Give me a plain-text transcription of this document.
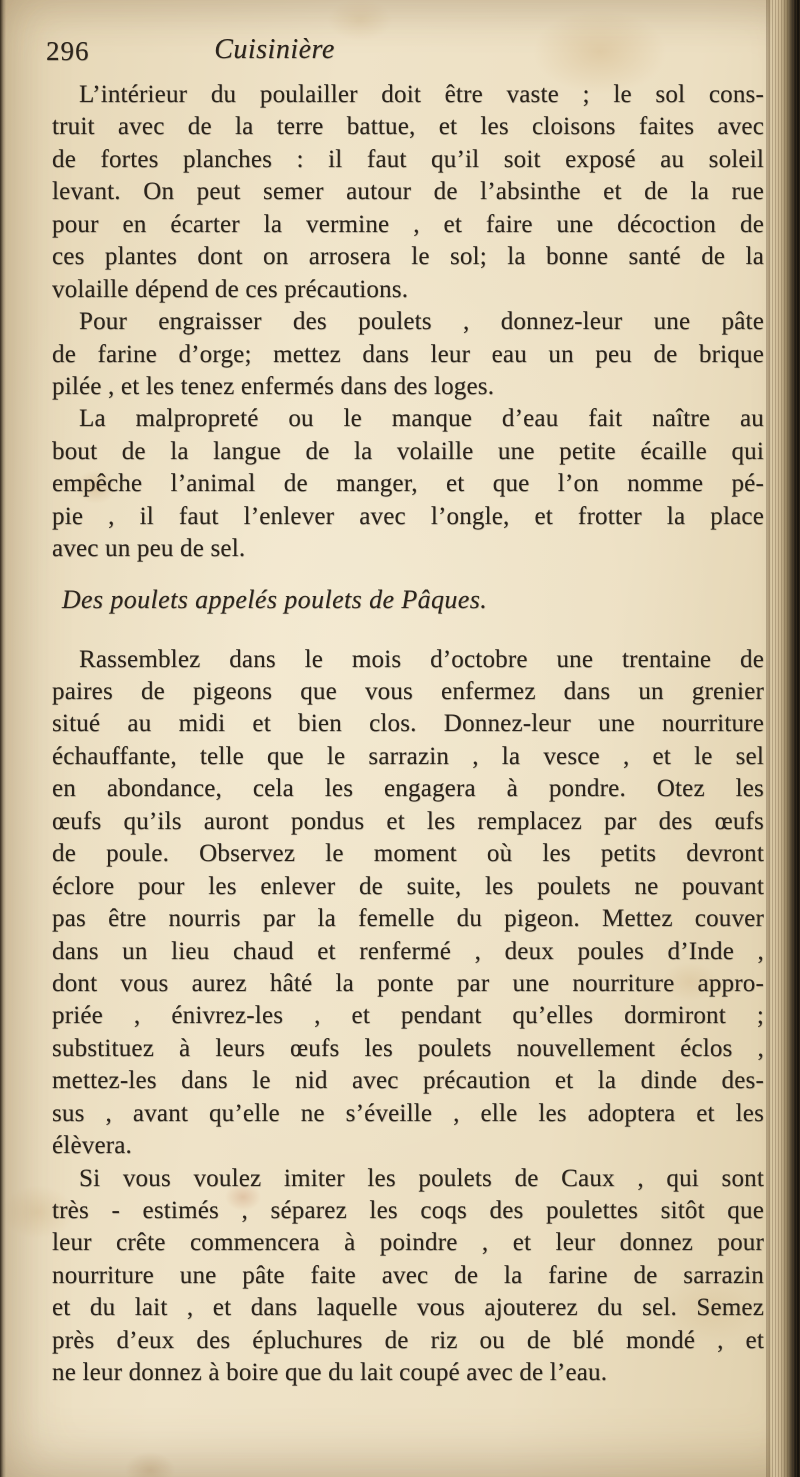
296	Cuisinière
L’intérieur du poulailler doit être vaste ; le sol cons-
truit avec de la terre battue, et les cloisons faites avec
de fortes planches : il faut qu’il soit exposé au soleil
levant. On peut semer autour de l’absinthe et de la rue
pour en écarter la vermine , et faire une décoction de
ces plantes dont on arrosera le sol; la bonne santé de la
volaille dépend de ces précautions.
Pour engraisser des poulets , donnez-leur une pâte
de farine d’orge; mettez dans leur eau un peu de brique
pilée , et les tenez enfermés dans des loges.
La malpropreté ou le manque d’eau fait naître au
bout de la langue de la volaille une petite écaille qui
empêche l’animal de manger, et que l’on nomme pé-
pie , il faut l’enlever avec l’ongle, et frotter la place
avec un peu de sel.
Des poulets appelés poulets de Pâques.
Rassemblez dans le mois d’octobre une trentaine de
paires de pigeons que vous enfermez dans un grenier
situé au midi et bien clos. Donnez-leur une nourriture
échauffante, telle que le sarrazin , la vesce , et le sel
en abondance, cela les engagera à pondre. Otez les
œufs qu’ils auront pondus et les remplacez par des œufs
de poule. Observez le moment où les petits devront
éclore pour les enlever de suite, les poulets ne pouvant
pas être nourris par la femelle du pigeon. Mettez couver
dans un lieu chaud et renfermé , deux poules d’Inde ,
dont vous aurez hâté la ponte par une nourriture appro-
priée , énivrez-les , et pendant qu’elles dormiront ;
substituez à leurs œufs les poulets nouvellement éclos ,
mettez-les dans le nid avec précaution et la dinde des-
sus , avant qu’elle ne s’éveille , elle les adoptera et les
élèvera.
Si vous voulez imiter les poulets de Caux , qui sont
très - estimés , séparez les coqs des poulettes sitôt que
leur crête commencera à poindre , et leur donnez pour
nourriture une pâte faite avec de la farine de sarrazin
et du lait , et dans laquelle vous ajouterez du sel. Semez
près d’eux des épluchures de riz ou de blé mondé , et
ne leur donnez à boire que du lait coupé avec de l’eau.
